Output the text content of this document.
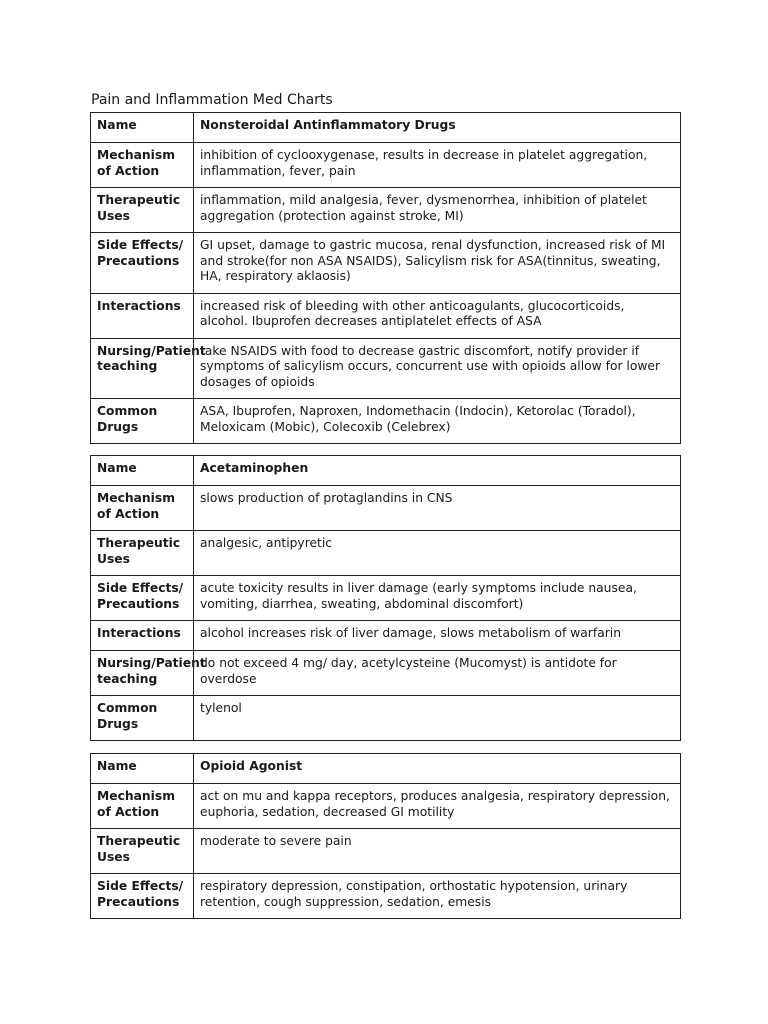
Pain and Inflammation Med Charts
Name	Nonsteroidal Antinflammatory Drugs
Mechanism of Action	inhibition of cyclooxygenase, results in decrease in platelet aggregation, inflammation, fever, pain
Therapeutic Uses	inflammation, mild analgesia, fever, dysmenorrhea, inhibition of platelet aggregation (protection against stroke, MI)
Side Effects/ Precautions	GI upset, damage to gastric mucosa, renal dysfunction, increased risk of MI and stroke(for non ASA NSAIDS), Salicylism risk for ASA(tinnitus, sweating, HA, respiratory aklaosis)
Interactions	increased risk of bleeding with other anticoagulants, glucocorticoids, alcohol. Ibuprofen decreases antiplatelet effects of ASA
Nursing/Patient teaching	take NSAIDS with food to decrease gastric discomfort, notify provider if symptoms of salicylism occurs, concurrent use with opioids allow for lower dosages of opioids
Common Drugs	ASA, Ibuprofen, Naproxen, Indomethacin (Indocin), Ketorolac (Toradol), Meloxicam (Mobic), Colecoxib (Celebrex)
Name	Acetaminophen
Mechanism of Action	slows production of protaglandins in CNS
Therapeutic Uses	analgesic, antipyretic
Side Effects/ Precautions	acute toxicity results in liver damage (early symptoms include nausea, vomiting, diarrhea, sweating, abdominal discomfort)
Interactions	alcohol increases risk of liver damage, slows metabolism of warfarin
Nursing/Patient teaching	do not exceed 4 mg/ day, acetylcysteine (Mucomyst) is antidote for overdose
Common Drugs	tylenol
Name	Opioid Agonist
Mechanism of Action	act on mu and kappa receptors, produces analgesia, respiratory depression, euphoria, sedation, decreased GI motility
Therapeutic Uses	moderate to severe pain
Side Effects/ Precautions	respiratory depression, constipation, orthostatic hypotension, urinary retention, cough suppression, sedation, emesis
